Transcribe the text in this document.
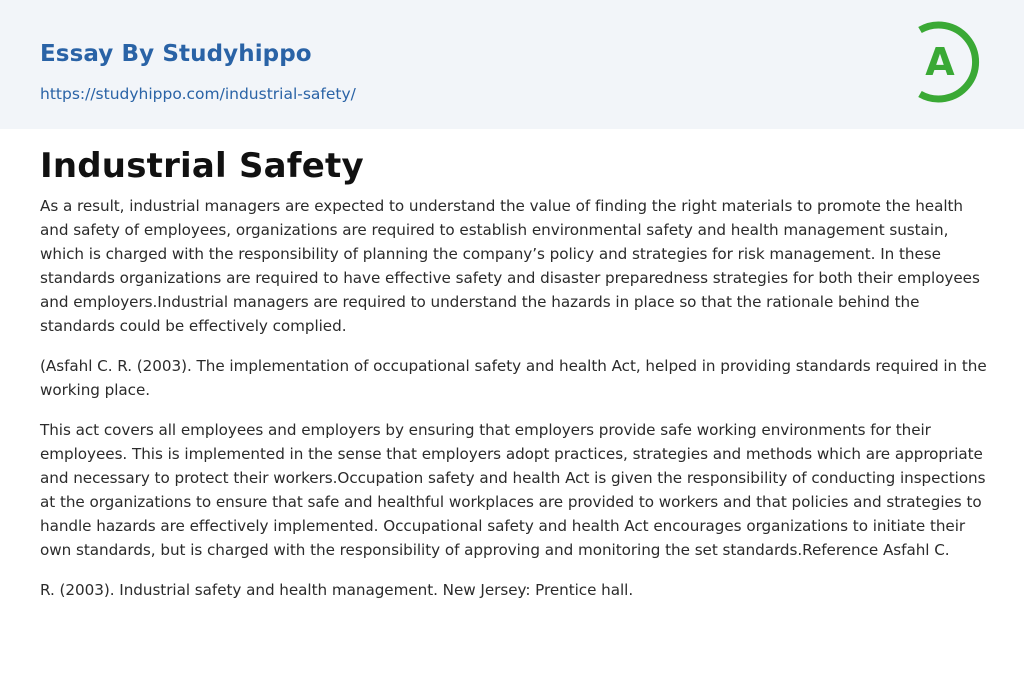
Essay By Studyhippo
https://studyhippo.com/industrial-safety/
A
Industrial Safety

As a result, industrial managers are expected to understand the value of finding the right materials to promote the health and safety of employees, organizations are required to establish environmental safety and health management sustain, which is charged with the responsibility of planning the company’s policy and strategies for risk management. In these standards organizations are required to have effective safety and disaster preparedness strategies for both their employees and employers.Industrial managers are required to understand the hazards in place so that the rationale behind the standards could be effectively complied.

(Asfahl C. R. (2003). The implementation of occupational safety and health Act, helped in providing standards required in the working place.

This act covers all employees and employers by ensuring that employers provide safe working environments for their employees. This is implemented in the sense that employers adopt practices, strategies and methods which are appropriate and necessary to protect their workers.Occupation safety and health Act is given the responsibility of conducting inspections at the organizations to ensure that safe and healthful workplaces are provided to workers and that policies and strategies to handle hazards are effectively implemented. Occupational safety and health Act encourages organizations to initiate their own standards, but is charged with the responsibility of approving and monitoring the set standards.Reference Asfahl C.

R. (2003). Industrial safety and health management. New Jersey: Prentice hall.
